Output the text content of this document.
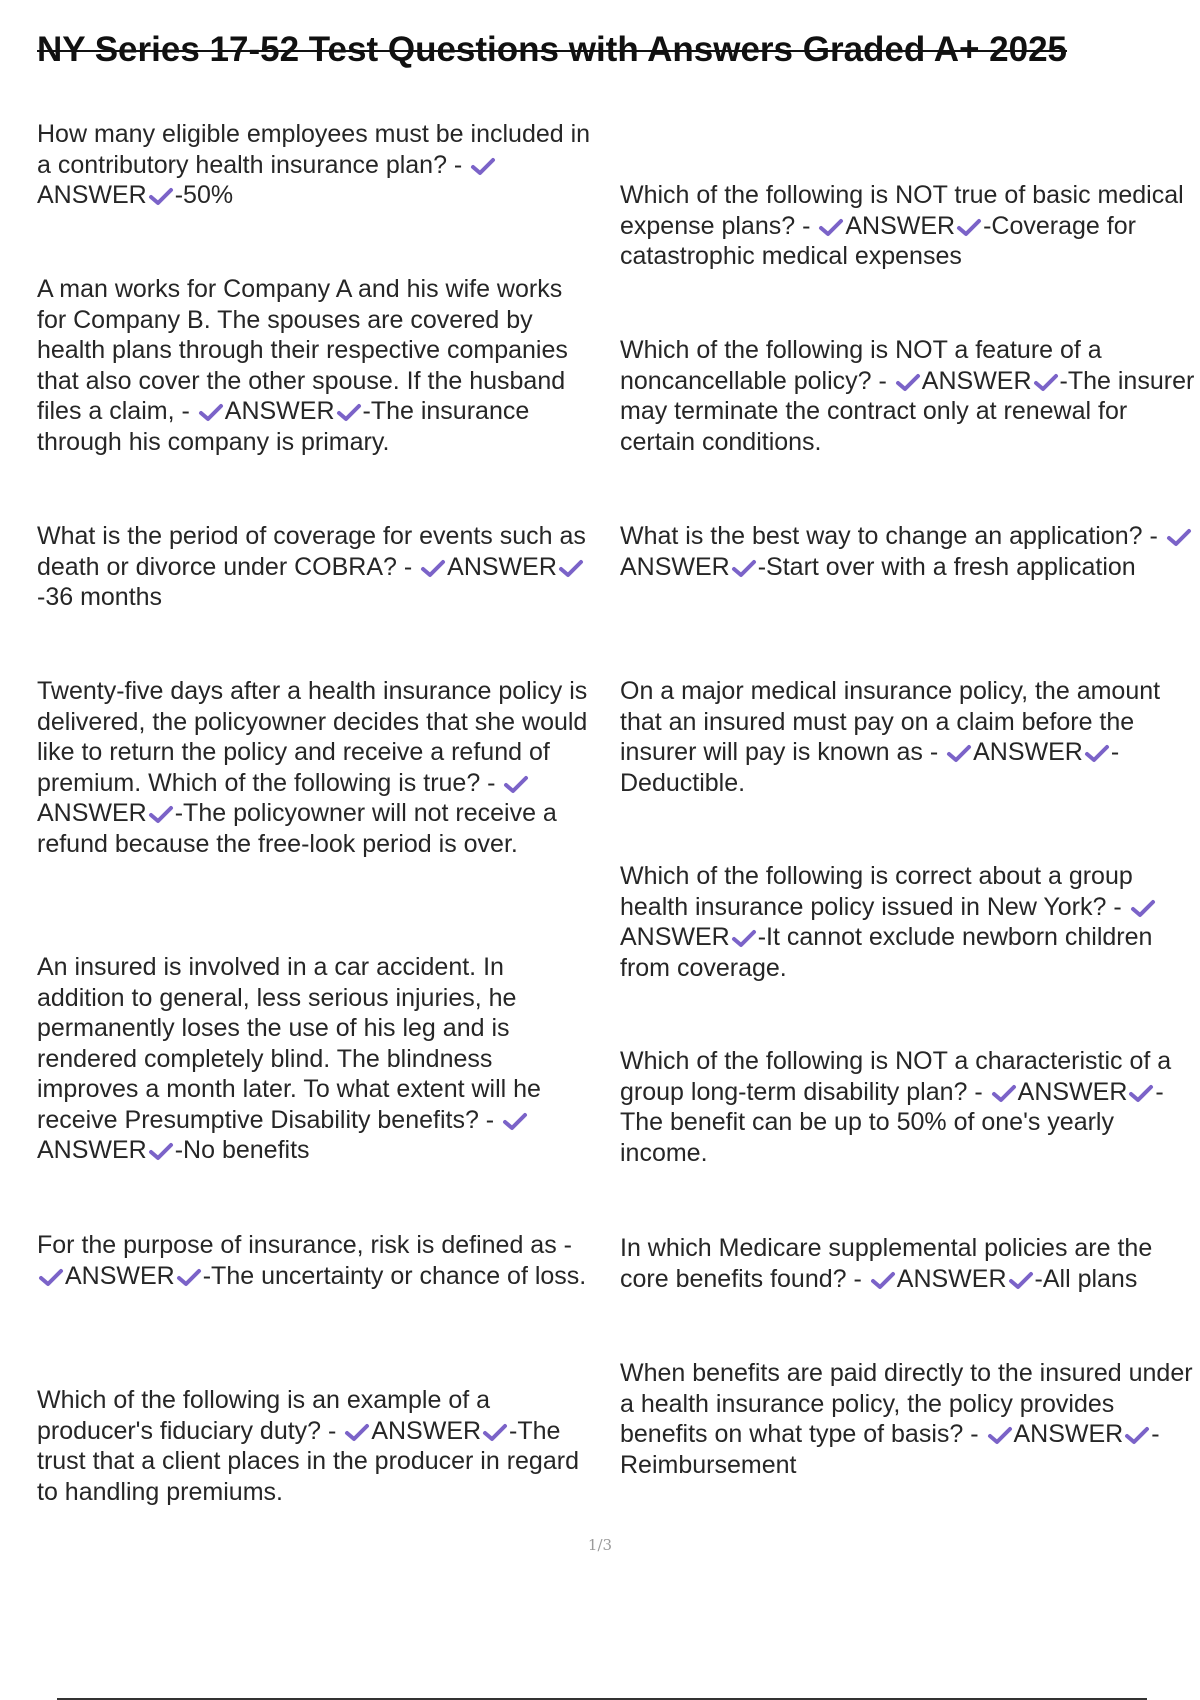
NY Series 17-52 Test Questions with Answers Graded A+ 2025

How many eligible employees must be included in a contributory health insurance plan? -
ANSWER -50%

A man works for Company A and his wife works for Company B. The spouses are covered by health plans through their respective companies that also cover the other spouse. If the husband files a claim, - ANSWER -The insurance through his company is primary.

What is the period of coverage for events such as death or divorce under COBRA? - ANSWER
-36 months

Twenty-five days after a health insurance policy is delivered, the policyowner decides that she would like to return the policy and receive a refund of premium. Which of the following is true? -
ANSWER -The policyowner will not receive a refund because the free-look period is over.

An insured is involved in a car accident. In addition to general, less serious injuries, he permanently loses the use of his leg and is rendered completely blind. The blindness improves a month later. To what extent will he receive Presumptive Disability benefits? -
ANSWER -No benefits

For the purpose of insurance, risk is defined as -
ANSWER -The uncertainty or chance of loss.

Which of the following is an example of a producer's fiduciary duty? - ANSWER -The trust that a client places in the producer in regard to handling premiums.

Which of the following is NOT true of basic medical expense plans? - ANSWER -Coverage for catastrophic medical expenses

Which of the following is NOT a feature of a noncancellable policy? - ANSWER -The insurer may terminate the contract only at renewal for certain conditions.

What is the best way to change an application? -
ANSWER -Start over with a fresh application

On a major medical insurance policy, the amount that an insured must pay on a claim before the insurer will pay is known as - ANSWER -Deductible.

Which of the following is correct about a group health insurance policy issued in New York? -
ANSWER -It cannot exclude newborn children from coverage.

Which of the following is NOT a characteristic of a group long-term disability plan? - ANSWER -The benefit can be up to 50% of one's yearly income.

In which Medicare supplemental policies are the core benefits found? - ANSWER -All plans

When benefits are paid directly to the insured under a health insurance policy, the policy provides benefits on what type of basis? - ANSWER -Reimbursement

1/3
